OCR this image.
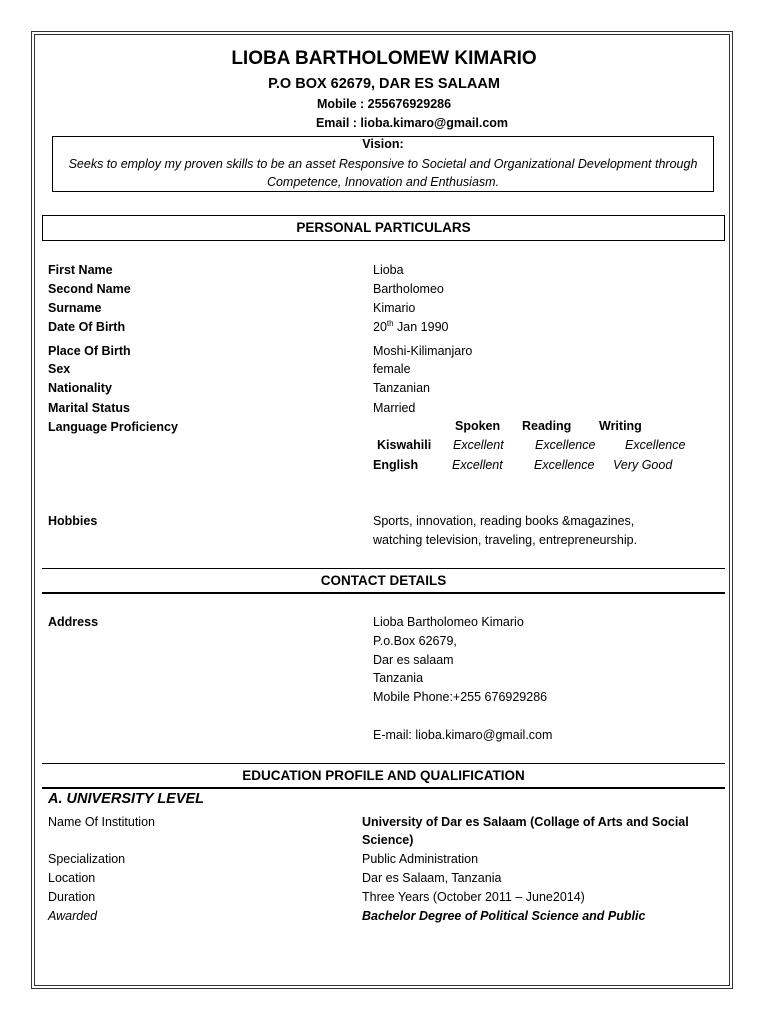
LIOBA BARTHOLOMEW KIMARIO
P.O BOX 62679, DAR ES SALAAM
Mobile : 255676929286
Email : lioba.kimaro@gmail.com
Vision:
Seeks to employ my proven skills to be an asset Responsive to Societal and Organizational Development through Competence, Innovation and Enthusiasm.
PERSONAL PARTICULARS
First Name	Lioba
Second Name	Bartholomeo
Surname	Kimario
Date Of Birth	20th Jan 1990
Place Of Birth	Moshi-Kilimanjaro
Sex	female
Nationality	Tanzanian
Marital Status	Married
Language Proficiency	Spoken Reading Writing
Kiswahili Excellent	Excellence Excellence
English	Excellent	Excellence Very Good
Hobbies	Sports, innovation, reading books &magazines,
watching television, traveling, entrepreneurship.
CONTACT DETAILS
Address	Lioba Bartholomeo Kimario
P.o.Box 62679,
Dar es salaam
Tanzania
Mobile Phone:+255 676929286
E-mail: lioba.kimaro@gmail.com
EDUCATION PROFILE AND QUALIFICATION
A. UNIVERSITY LEVEL
Name Of Institution	University of Dar es Salaam (Collage of Arts and Social
Science)
Specialization	Public Administration
Location	Dar es Salaam, Tanzania
Duration	Three Years (October 2011 – June2014)
Awarded	Bachelor Degree of Political Science and Public
